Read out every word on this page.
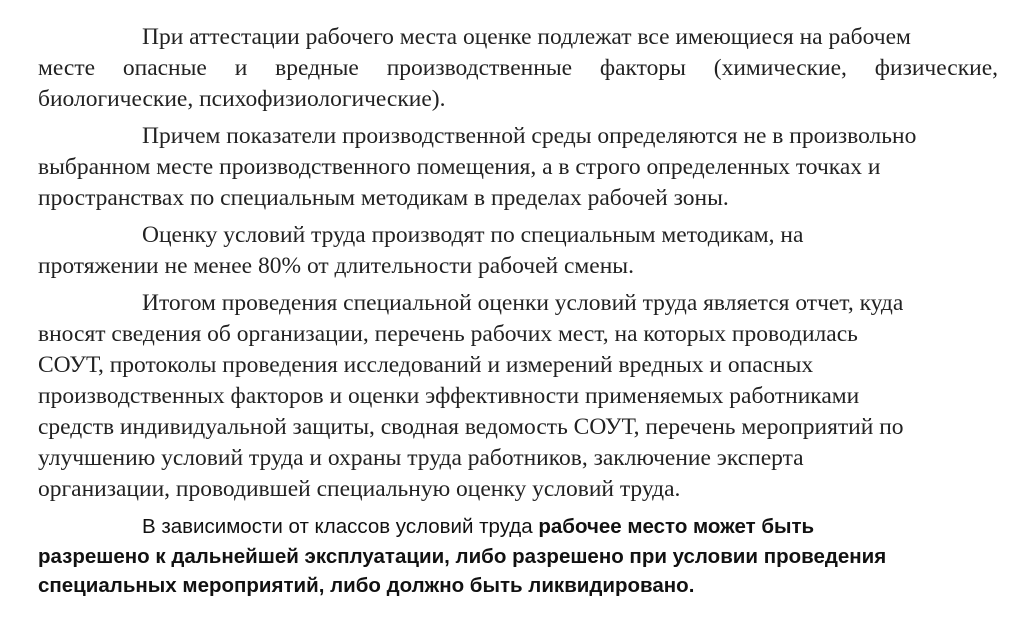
При аттестации рабочего места оценке подлежат все имеющиеся на рабочем
месте опасные и вредные производственные факторы (химические, физические,
биологические, психофизиологические).

Причем показатели производственной среды определяются не в произвольно
выбранном месте производственного помещения, а в строго определенных точках и
пространствах по специальным методикам в пределах рабочей зоны.

Оценку условий труда производят по специальным методикам, на
протяжении не менее 80% от длительности рабочей смены.

Итогом проведения специальной оценки условий труда является отчет, куда
вносят сведения об организации, перечень рабочих мест, на которых проводилась
СОУТ, протоколы проведения исследований и измерений вредных и опасных
производственных факторов и оценки эффективности применяемых работниками
средств индивидуальной защиты, сводная ведомость СОУТ, перечень мероприятий по
улучшению условий труда и охраны труда работников, заключение эксперта
организации, проводившей специальную оценку условий труда.

В зависимости от классов условий труда рабочее место может быть
разрешено к дальнейшей эксплуатации, либо разрешено при условии проведения
специальных мероприятий, либо должно быть ликвидировано.
